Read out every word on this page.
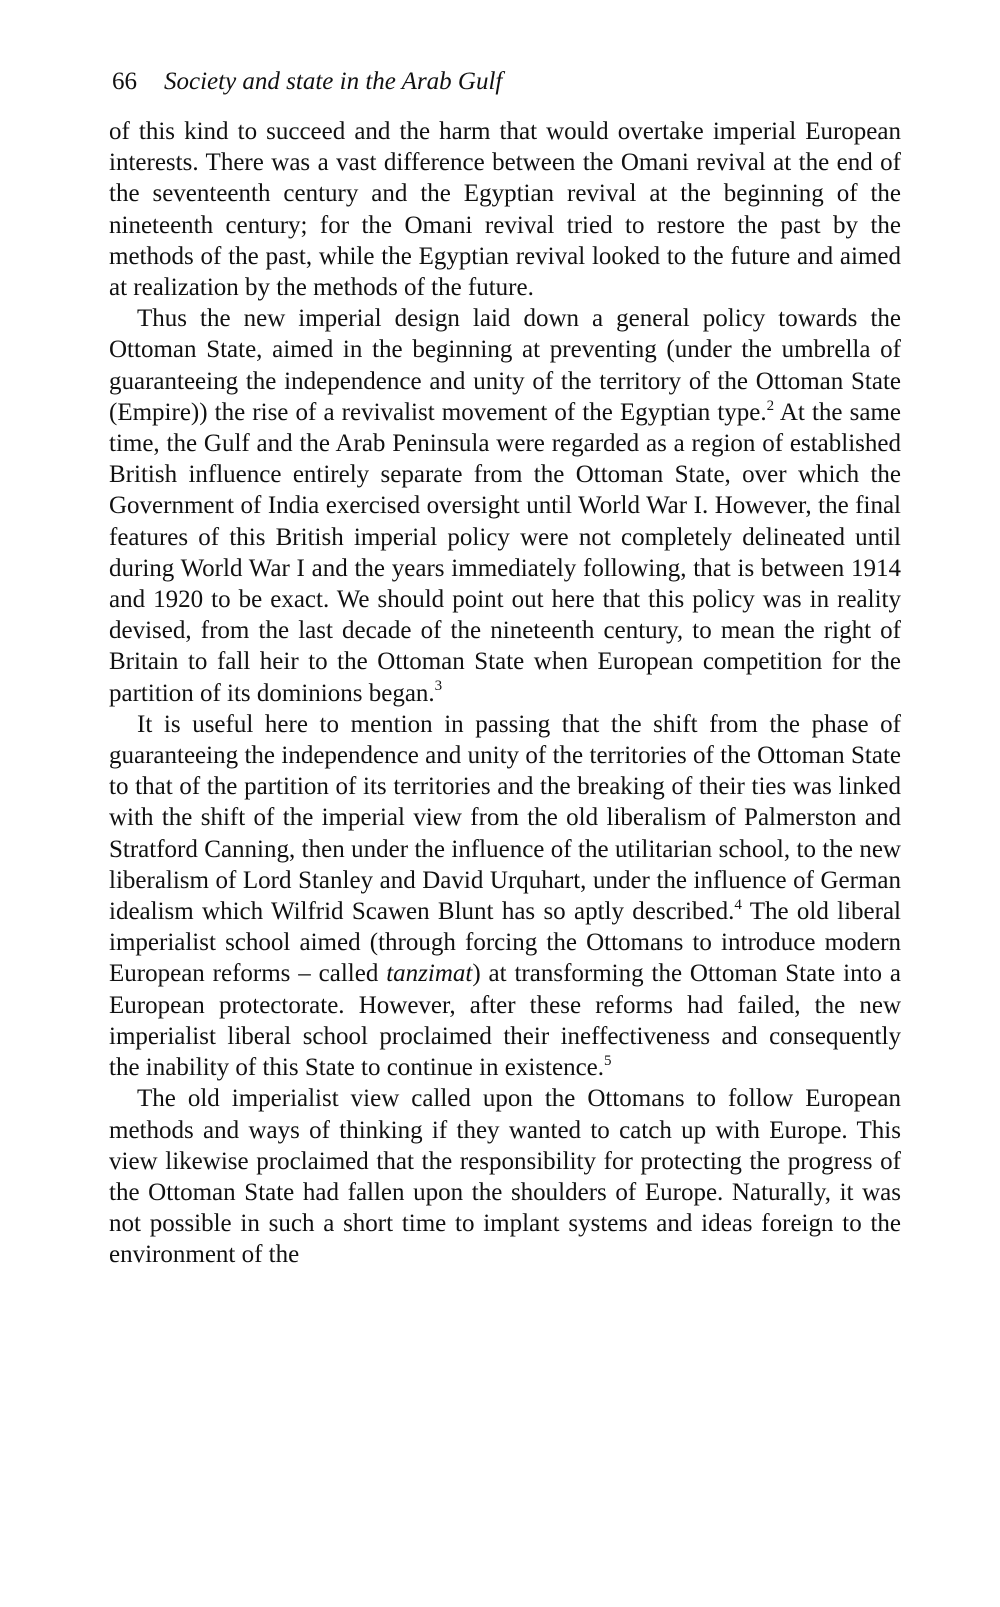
66 Society and state in the Arab Gulf

of this kind to succeed and the harm that would overtake imperial European interests. There was a vast difference between the Omani revival at the end of the seventeenth century and the Egyptian revival at the beginning of the nineteenth century; for the Omani revival tried to restore the past by the methods of the past, while the Egyptian revival looked to the future and aimed at realization by the methods of the future.

Thus the new imperial design laid down a general policy towards the Ottoman State, aimed in the beginning at preventing (under the umbrella of guaranteeing the independence and unity of the territory of the Ottoman State (Empire)) the rise of a revivalist movement of the Egyptian type.$^2$ At the same time, the Gulf and the Arab Peninsula were regarded as a region of established British influence entirely separate from the Ottoman State, over which the Government of India exercised oversight until World War I. However, the final features of this British imperial policy were not completely delineated until during World War I and the years immediately following, that is between 1914 and 1920 to be exact. We should point out here that this policy was in reality devised, from the last decade of the nineteenth century, to mean the right of Britain to fall heir to the Ottoman State when European competition for the partition of its dominions began.$^3$

It is useful here to mention in passing that the shift from the phase of guaranteeing the independence and unity of the territories of the Ottoman State to that of the partition of its territories and the breaking of their ties was linked with the shift of the imperial view from the old liberalism of Palmerston and Stratford Canning, then under the influence of the utilitarian school, to the new liberalism of Lord Stanley and David Urquhart, under the influence of German idealism which Wilfrid Scawen Blunt has so aptly described.$^4$ The old liberal imperialist school aimed (through forcing the Ottomans to introduce modern European reforms – called tanzimat) at transforming the Ottoman State into a European protectorate. However, after these reforms had failed, the new imperialist liberal school proclaimed their ineffectiveness and consequently the inability of this State to continue in existence.$^5$

The old imperialist view called upon the Ottomans to follow European methods and ways of thinking if they wanted to catch up with Europe. This view likewise proclaimed that the responsibility for protecting the progress of the Ottoman State had fallen upon the shoulders of Europe. Naturally, it was not possible in such a short time to implant systems and ideas foreign to the environment of the
